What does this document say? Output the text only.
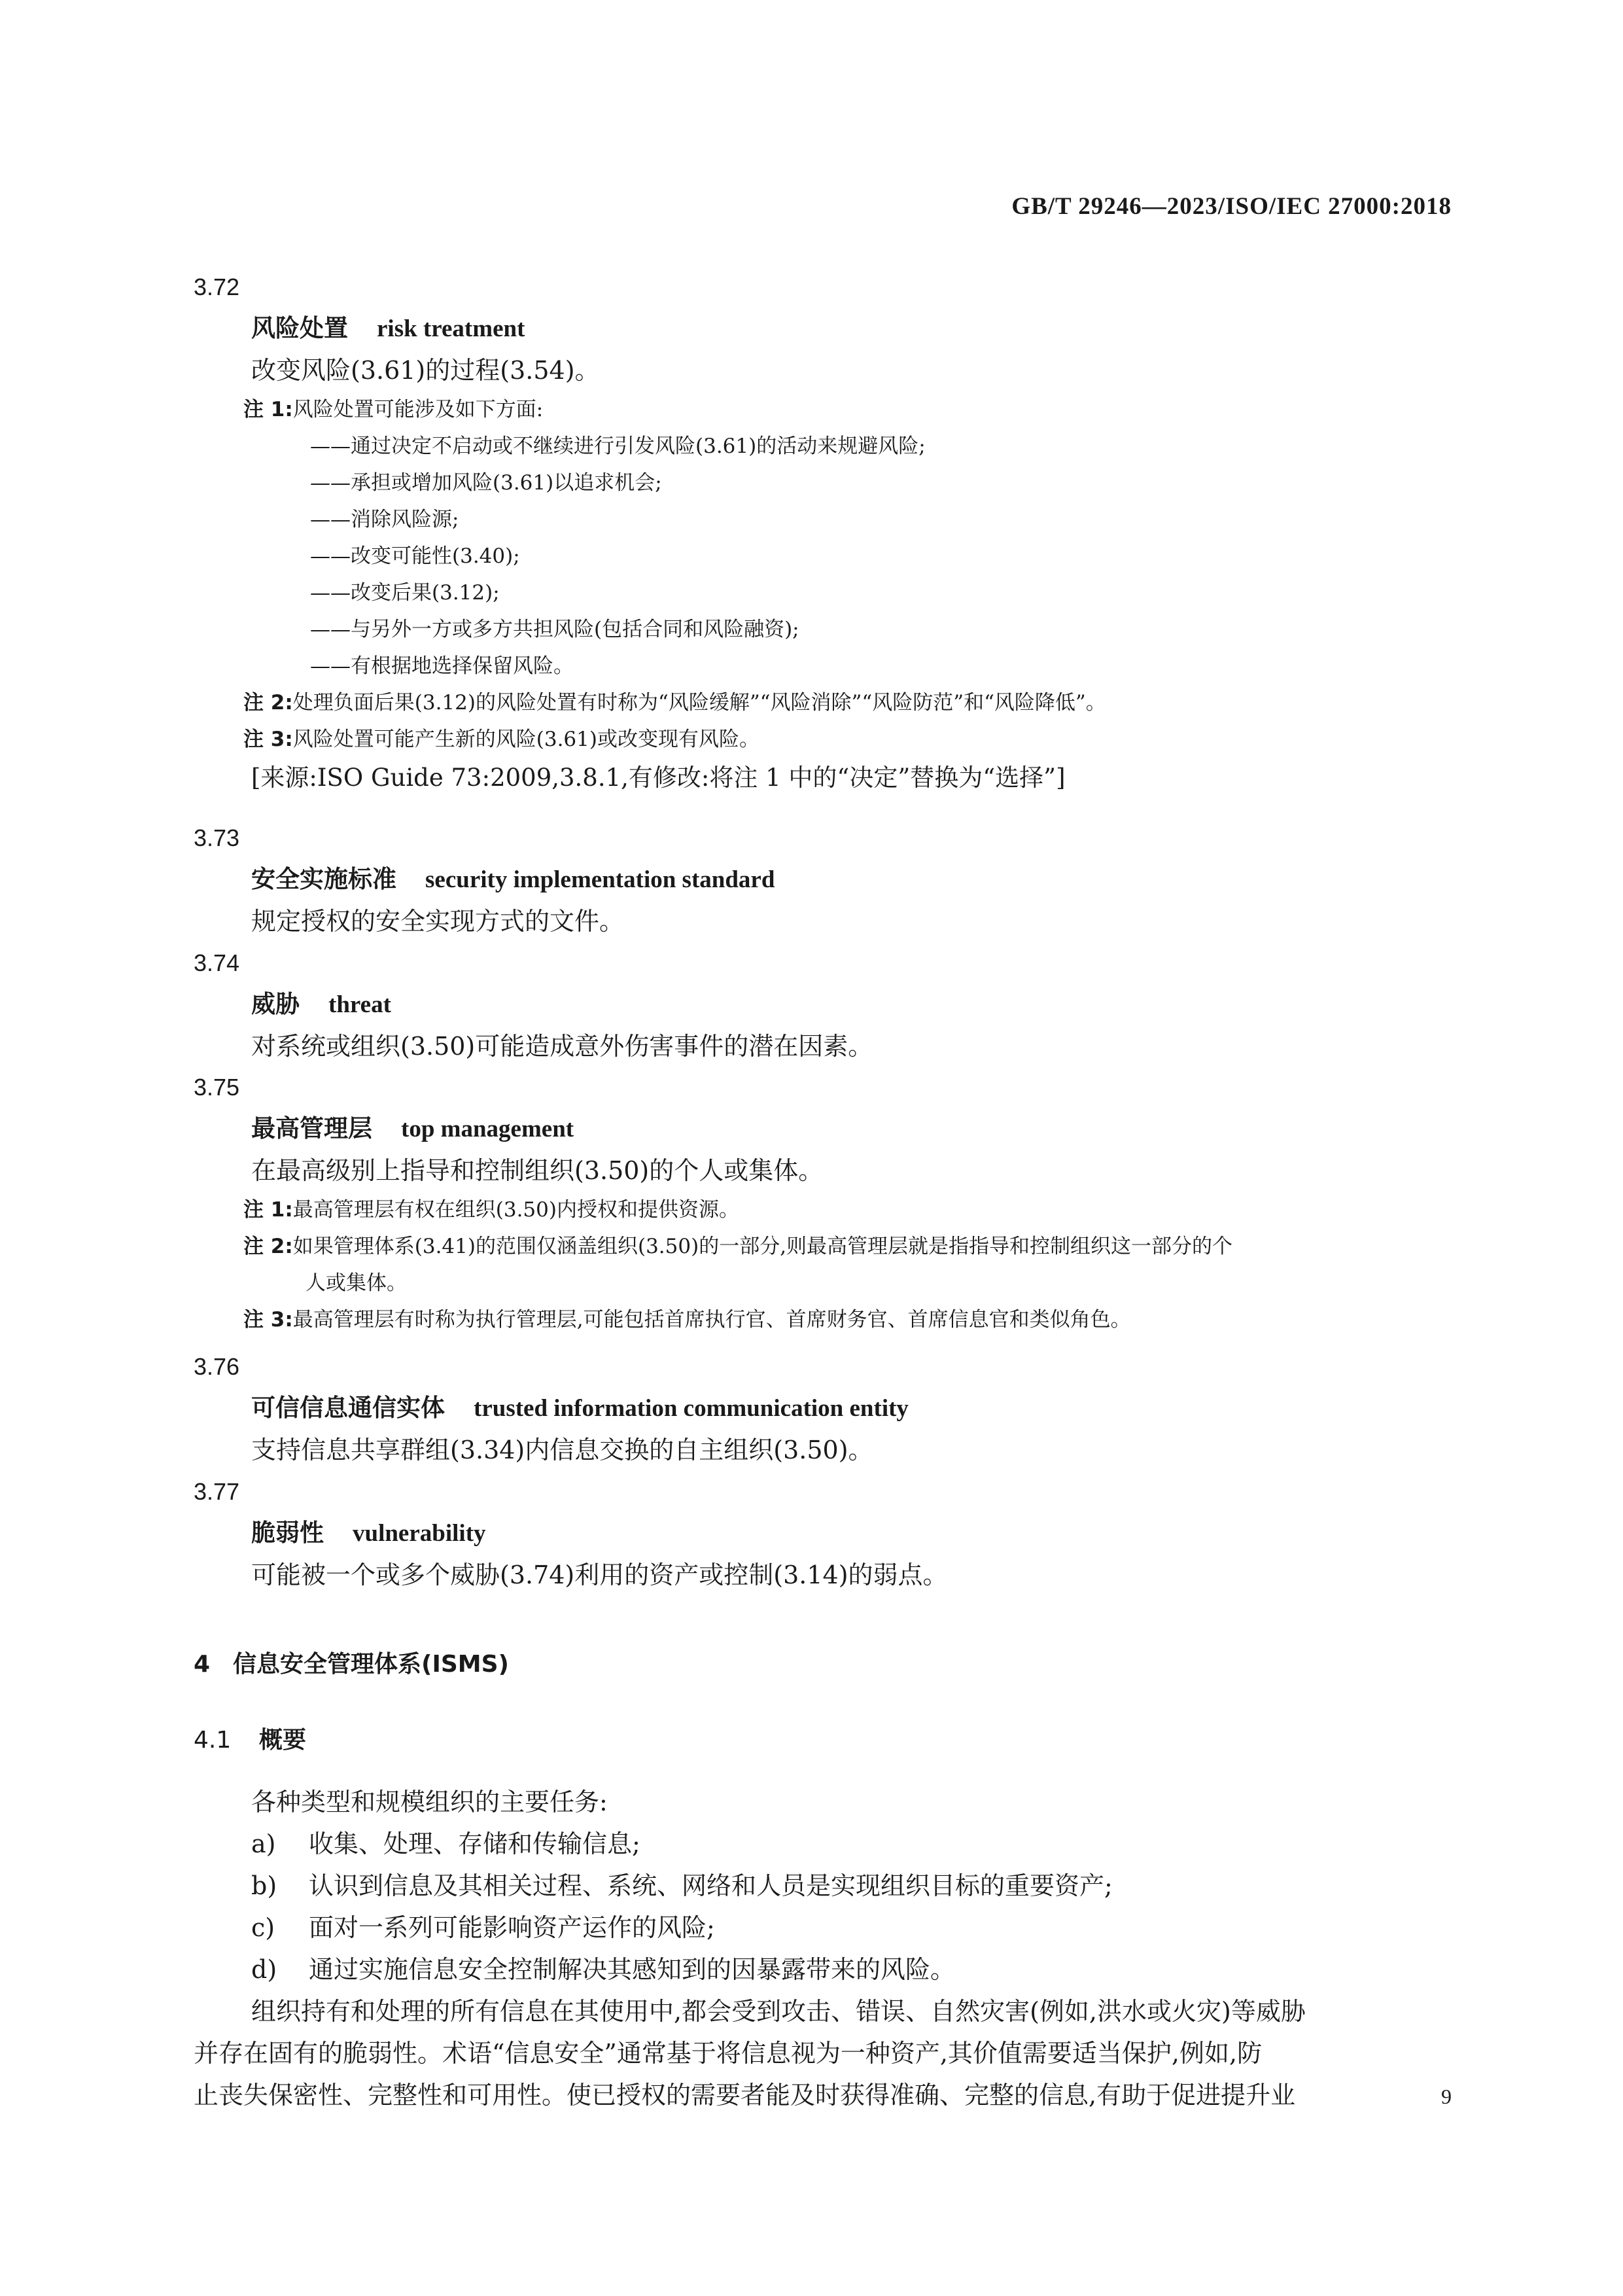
GB/T 29246—2023/ISO/IEC 27000:2018
3.72
风险处置 risk treatment
改变风险(3.61)的过程(3.54)。
注 1:风险处置可能涉及如下方面:
——通过决定不启动或不继续进行引发风险(3.61)的活动来规避风险;
——承担或增加风险(3.61)以追求机会;
——消除风险源;
——改变可能性(3.40);
——改变后果(3.12);
——与另外一方或多方共担风险(包括合同和风险融资);
——有根据地选择保留风险。
注 2:处理负面后果(3.12)的风险处置有时称为“风险缓解”“风险消除”“风险防范”和“风险降低”。
注 3:风险处置可能产生新的风险(3.61)或改变现有风险。
[来源:ISO Guide 73:2009,3.8.1,有修改:将注 1 中的“决定”替换为“选择”]
3.73
安全实施标准 security implementation standard
规定授权的安全实现方式的文件。
3.74
威胁 threat
对系统或组织(3.50)可能造成意外伤害事件的潜在因素。
3.75
最高管理层 top management
在最高级别上指导和控制组织(3.50)的个人或集体。
注 1:最高管理层有权在组织(3.50)内授权和提供资源。
注 2:如果管理体系(3.41)的范围仅涵盖组织(3.50)的一部分,则最高管理层就是指指导和控制组织这一部分的个
人或集体。
注 3:最高管理层有时称为执行管理层,可能包括首席执行官、首席财务官、首席信息官和类似角色。
3.76
可信信息通信实体 trusted information communication entity
支持信息共享群组(3.34)内信息交换的自主组织(3.50)。
3.77
脆弱性 vulnerability
可能被一个或多个威胁(3.74)利用的资产或控制(3.14)的弱点。
4 信息安全管理体系(ISMS)
4.1 概要
各种类型和规模组织的主要任务:
a) 收集、处理、存储和传输信息;
b) 认识到信息及其相关过程、系统、网络和人员是实现组织目标的重要资产;
c) 面对一系列可能影响资产运作的风险;
d) 通过实施信息安全控制解决其感知到的因暴露带来的风险。
组织持有和处理的所有信息在其使用中,都会受到攻击、错误、自然灾害(例如,洪水或火灾)等威胁
并存在固有的脆弱性。术语“信息安全”通常基于将信息视为一种资产,其价值需要适当保护,例如,防
止丧失保密性、完整性和可用性。使已授权的需要者能及时获得准确、完整的信息,有助于促进提升业	9
